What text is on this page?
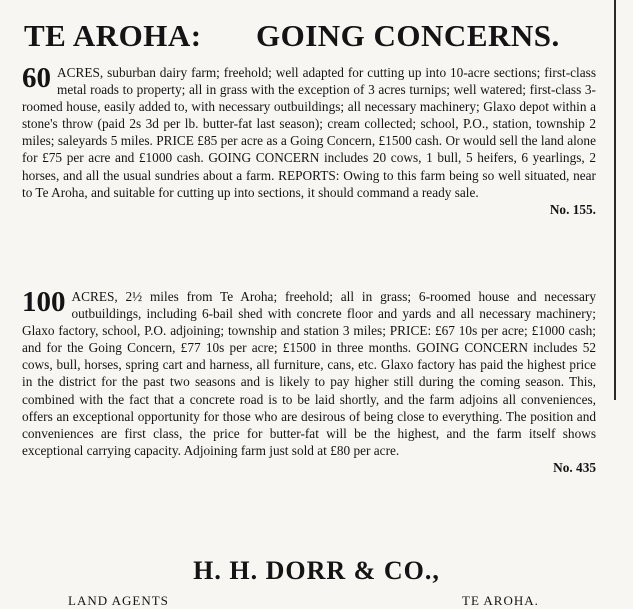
TE AROHA: GOING CONCERNS.

60 ACRES, suburban dairy farm; freehold; well adapted for cutting up into 10-acre sections; first-class metal roads to property; all in grass with the exception of 3 acres turnips; well watered; first-class 3-roomed house, easily added to, with necessary outbuildings; all necessary machinery; Glaxo depot within a stone's throw (paid 2s 3d per lb. butter-fat last season); cream collected; school, P.O., station, township 2 miles; saleyards 5 miles. PRICE £85 per acre as a Going Concern, £1500 cash. Or would sell the land alone for £75 per acre and £1000 cash. GOING CONCERN includes 20 cows, 1 bull, 5 heifers, 6 yearlings, 2 horses, and all the usual sundries about a farm. REPORTS: Owing to this farm being so well situated, near to Te Aroha, and suitable for cutting up into sections, it should command a ready sale.
No. 155.

100 ACRES, 2½ miles from Te Aroha; freehold; all in grass; 6-roomed house and necessary outbuildings, including 6-bail shed with concrete floor and yards and all necessary machinery; Glaxo factory, school, P.O. adjoining; township and station 3 miles; PRICE: £67 10s per acre; £1000 cash; and for the Going Concern, £77 10s per acre; £1500 in three months. GOING CONCERN includes 52 cows, bull, horses, spring cart and harness, all furniture, cans, etc. Glaxo factory has paid the highest price in the district for the past two seasons and is likely to pay higher still during the coming season. This, combined with the fact that a concrete road is to be laid shortly, and the farm adjoins all conveniences, offers an exceptional opportunity for those who are desirous of being close to everything. The position and conveniences are first class, the price for butter-fat will be the highest, and the farm itself shows exceptional carrying capacity. Adjoining farm just sold at £80 per acre.
No. 435

H. H. DORR & CO.,
LAND AGENTS	TE AROHA.
